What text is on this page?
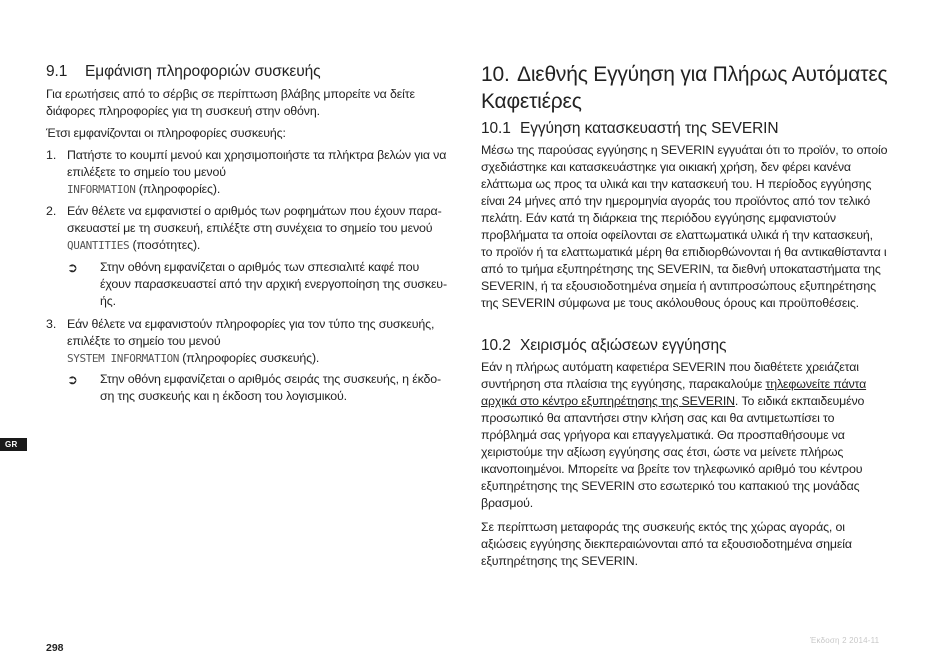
9.1 Εμφάνιση πληροφοριών συσκευής
Για ερωτήσεις από το σέρβις σε περίπτωση βλάβης μπορείτε να δείτε
διάφορες πληροφορίες για τη συσκευή στην οθόνη.
Έτσι εμφανίζονται οι πληροφορίες συσκευής:
1. Πατήστε το κουμπί μενού και χρησιμοποιήστε τα πλήκτρα βελών για να
επιλέξετε το σημείο του μενού
INFORMATION (πληροφορίες).
2. Εάν θέλετε να εμφανιστεί ο αριθμός των ροφημάτων που έχουν παρα-
σκευαστεί με τη συσκευή, επιλέξτε στη συνέχεια το σημείο του μενού
QUANTITIES (ποσότητες).
➲ Στην οθόνη εμφανίζεται ο αριθμός των σπεσιαλιτέ καφέ που
έχουν παρασκευαστεί από την αρχική ενεργοποίηση της συσκευ-
ής.
3. Εάν θέλετε να εμφανιστούν πληροφορίες για τον τύπο της συσκευής,
επιλέξτε το σημείο του μενού
SYSTEM INFORMATION (πληροφορίες συσκευής).
➲ Στην οθόνη εμφανίζεται ο αριθμός σειράς της συσκευής, η έκδο-
ση της συσκευής και η έκδοση του λογισμικού.
GR
10. Διεθνής Εγγύηση για Πλήρως Αυτόματες
Καφετιέρες
10.1 Εγγύηση κατασκευαστή της SEVERIN
Μέσω της παρούσας εγγύησης η SEVERIN εγγυάται ότι το προϊόν, το οποίο
σχεδιάστηκε και κατασκευάστηκε για οικιακή χρήση, δεν φέρει κανένα
ελάττωμα ως προς τα υλικά και την κατασκευή του. Η περίοδος εγγύησης
είναι 24 μήνες από την ημερομηνία αγοράς του προϊόντος από τον τελικό
πελάτη. Εάν κατά τη διάρκεια της περιόδου εγγύησης εμφανιστούν
προβλήματα τα οποία οφείλονται σε ελαττωματικά υλικά ή την κατασκευή,
το προϊόν ή τα ελαττωματικά μέρη θα επιδιορθώνονται ή θα αντικαθίσταντα ι
από το τμήμα εξυπηρέτησης της SEVERIN, τα διεθνή υποκαταστήματα της
SEVERIN, ή τα εξουσιοδοτημένα σημεία ή αντιπροσώπους εξυπηρέτησης
της SEVERIN σύμφωνα με τους ακόλουθους όρους και προϋποθέσεις.
10.2 Χειρισμός αξιώσεων εγγύησης
Εάν η πλήρως αυτόματη καφετιέρα SEVERIN που διαθέτετε χρειάζεται
συντήρηση στα πλαίσια της εγγύησης, παρακαλούμε τηλεφωνείτε πάντα
αρχικά στο κέντρο εξυπηρέτησης της SEVERIN. Το ειδικά εκπαιδευμένο
προσωπικό θα απαντήσει στην κλήση σας και θα αντιμετωπίσει το
πρόβλημά σας γρήγορα και επαγγελματικά. Θα προσπαθήσουμε να
χειριστούμε την αξίωση εγγύησης σας έτσι, ώστε να μείνετε πλήρως
ικανοποιημένοι. Μπορείτε να βρείτε τον τηλεφωνικό αριθμό του κέντρου
εξυπηρέτησης της SEVERIN στο εσωτερικό του καπακιού της μονάδας
βρασμού.
Σε περίπτωση μεταφοράς της συσκευής εκτός της χώρας αγοράς, οι
αξιώσεις εγγύησης διεκπεραιώνονται από τα εξουσιοδοτημένα σημεία
εξυπηρέτησης της SEVERIN.
298
Έκδοση 2 2014-11
